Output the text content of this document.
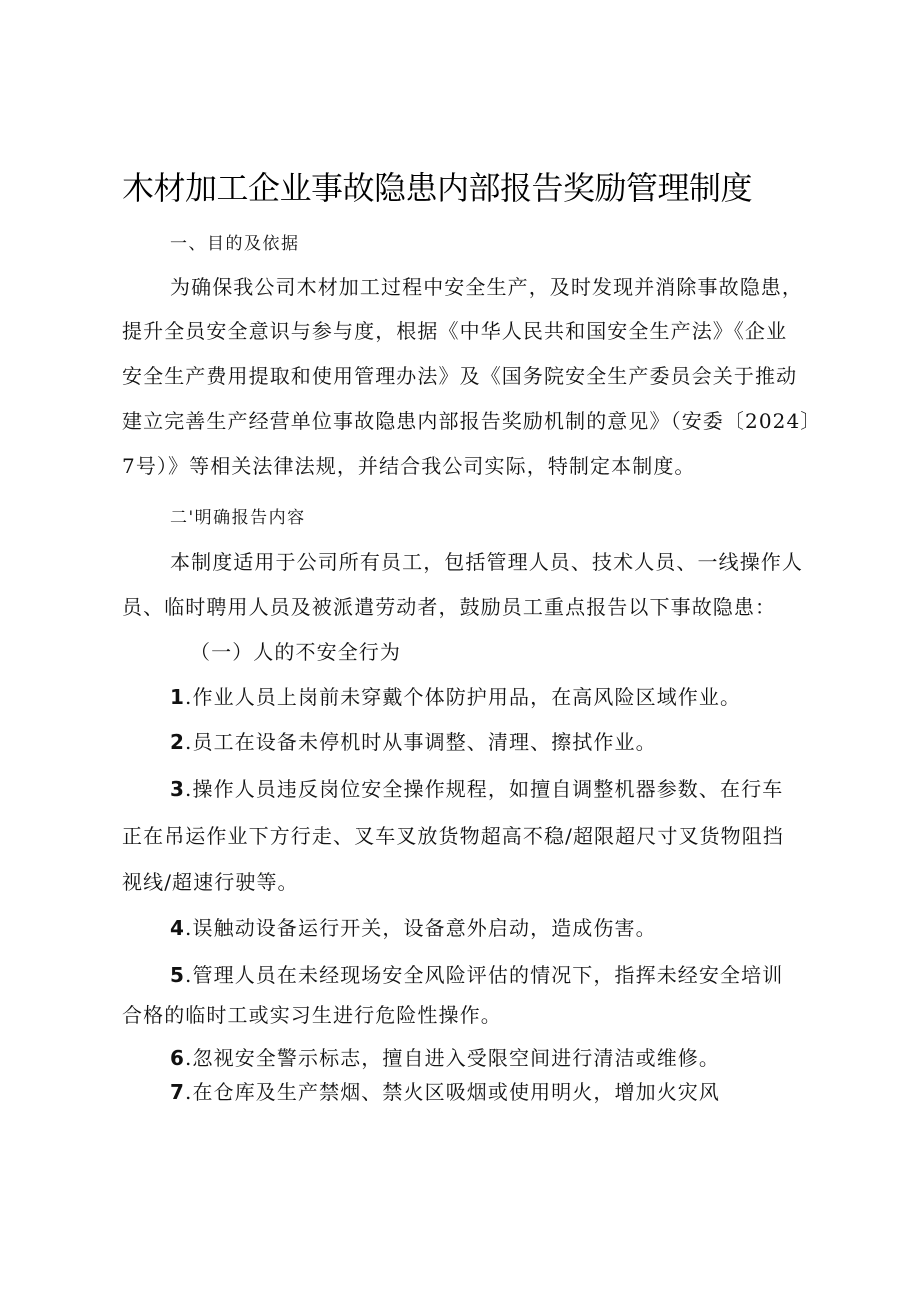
木材加工企业事故隐患内部报告奖励管理制度
一、目的及依据
为确保我公司木材加工过程中安全生产，及时发现并消除事故隐患，
提升全员安全意识与参与度，根据《中华人民共和国安全生产法》《企业
安全生产费用提取和使用管理办法》及《国务院安全生产委员会关于推动
建立完善生产经营单位事故隐患内部报告奖励机制的意见》（安委〔2024〕
7号）》等相关法律法规，并结合我公司实际，特制定本制度。
二'明确报告内容
本制度适用于公司所有员工，包括管理人员、技术人员、一线操作人
员、临时聘用人员及被派遣劳动者，鼓励员工重点报告以下事故隐患：
（一）人的不安全行为
1.作业人员上岗前未穿戴个体防护用品，在高风险区域作业。
2.员工在设备未停机时从事调整、清理、擦拭作业。
3.操作人员违反岗位安全操作规程，如擅自调整机器参数、在行车
正在吊运作业下方行走、叉车叉放货物超高不稳/超限超尺寸叉货物阻挡
视线/超速行驶等。
4.误触动设备运行开关，设备意外启动，造成伤害。
5.管理人员在未经现场安全风险评估的情况下，指挥未经安全培训
合格的临时工或实习生进行危险性操作。
6.忽视安全警示标志，擅自进入受限空间进行清洁或维修。
7.在仓库及生产禁烟、禁火区吸烟或使用明火，增加火灾风
